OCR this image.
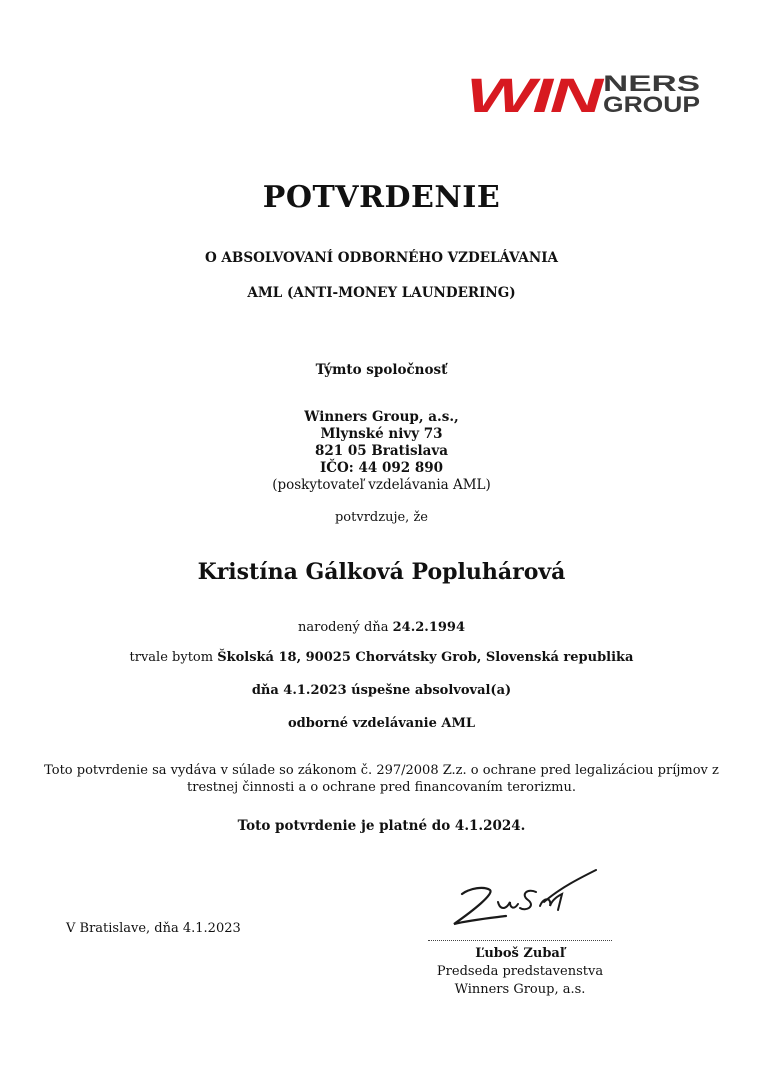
WIN
NERS
GROUP
POTVRDENIE
O ABSOLVOVANÍ ODBORNÉHO VZDELÁVANIA
AML (ANTI-MONEY LAUNDERING)
Týmto spoločnosť
Winners Group, a.s.,
Mlynské nivy 73
821 05 Bratislava
IČO: 44 092 890
(poskytovateľ vzdelávania AML)
potvrdzuje, že
Kristína Gálková Popluhárová
narodený dňa 24.2.1994
trvale bytom Školská 18, 90025 Chorvátsky Grob, Slovenská republika
dňa 4.1.2023 úspešne absolvoval(a)
odborné vzdelávanie AML
Toto potvrdenie sa vydáva v súlade so zákonom č. 297/2008 Z.z. o ochrane pred legalizáciou príjmov z trestnej činnosti a o ochrane pred financovaním terorizmu.
Toto potvrdenie je platné do 4.1.2024.
V Bratislave, dňa 4.1.2023
Ľuboš Zubaľ
Predseda predstavenstva
Winners Group, a.s.
